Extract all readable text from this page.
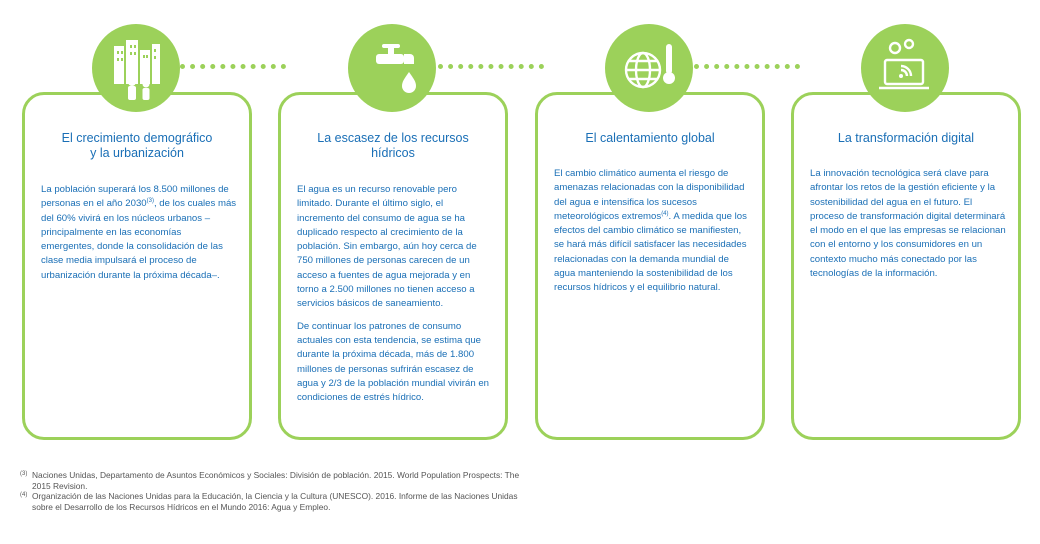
El crecimiento demográfico
y la urbanización

La población superará los 8.500 millones de personas en el año 2030$^{(3)}$, de los cuales más del 60% vivirá en los núcleos urbanos –principalmente en las economías emergentes, donde la consolidación de las clase media impulsará el proceso de urbanización durante la próxima década–.

La escasez de los recursos
hídricos

El agua es un recurso renovable pero limitado. Durante el último siglo, el incremento del consumo de agua se ha duplicado respecto al crecimiento de la población. Sin embargo, aún hoy cerca de 750 millones de personas carecen de un acceso a fuentes de agua mejorada y en torno a 2.500 millones no tienen acceso a servicios básicos de saneamiento.

De continuar los patrones de consumo actuales con esta tendencia, se estima que durante la próxima década, más de 1.800 millones de personas sufrirán escasez de agua y 2/3 de la población mundial vivirán en condiciones de estrés hídrico.

El calentamiento global

El cambio climático aumenta el riesgo de amenazas relacionadas con la disponibilidad del agua e intensifica los sucesos meteorológicos extremos$^{(4)}$. A medida que los efectos del cambio climático se manifiesten, se hará más difícil satisfacer las necesidades relacionadas con la demanda mundial de agua manteniendo la sostenibilidad de los recursos hídricos y el equilibrio natural.

La transformación digital

La innovación tecnológica será clave para afrontar los retos de la gestión eficiente y la sostenibilidad del agua en el futuro. El proceso de transformación digital determinará el modo en el que las empresas se relacionan con el entorno y los consumidores en un contexto mucho más conectado por las tecnologías de la información.

(3) Naciones Unidas, Departamento de Asuntos Económicos y Sociales: División de población. 2015. World Population Prospects: The 2015 Revision.
(4) Organización de las Naciones Unidas para la Educación, la Ciencia y la Cultura (UNESCO). 2016. Informe de las Naciones Unidas sobre el Desarrollo de los Recursos Hídricos en el Mundo 2016: Agua y Empleo.
